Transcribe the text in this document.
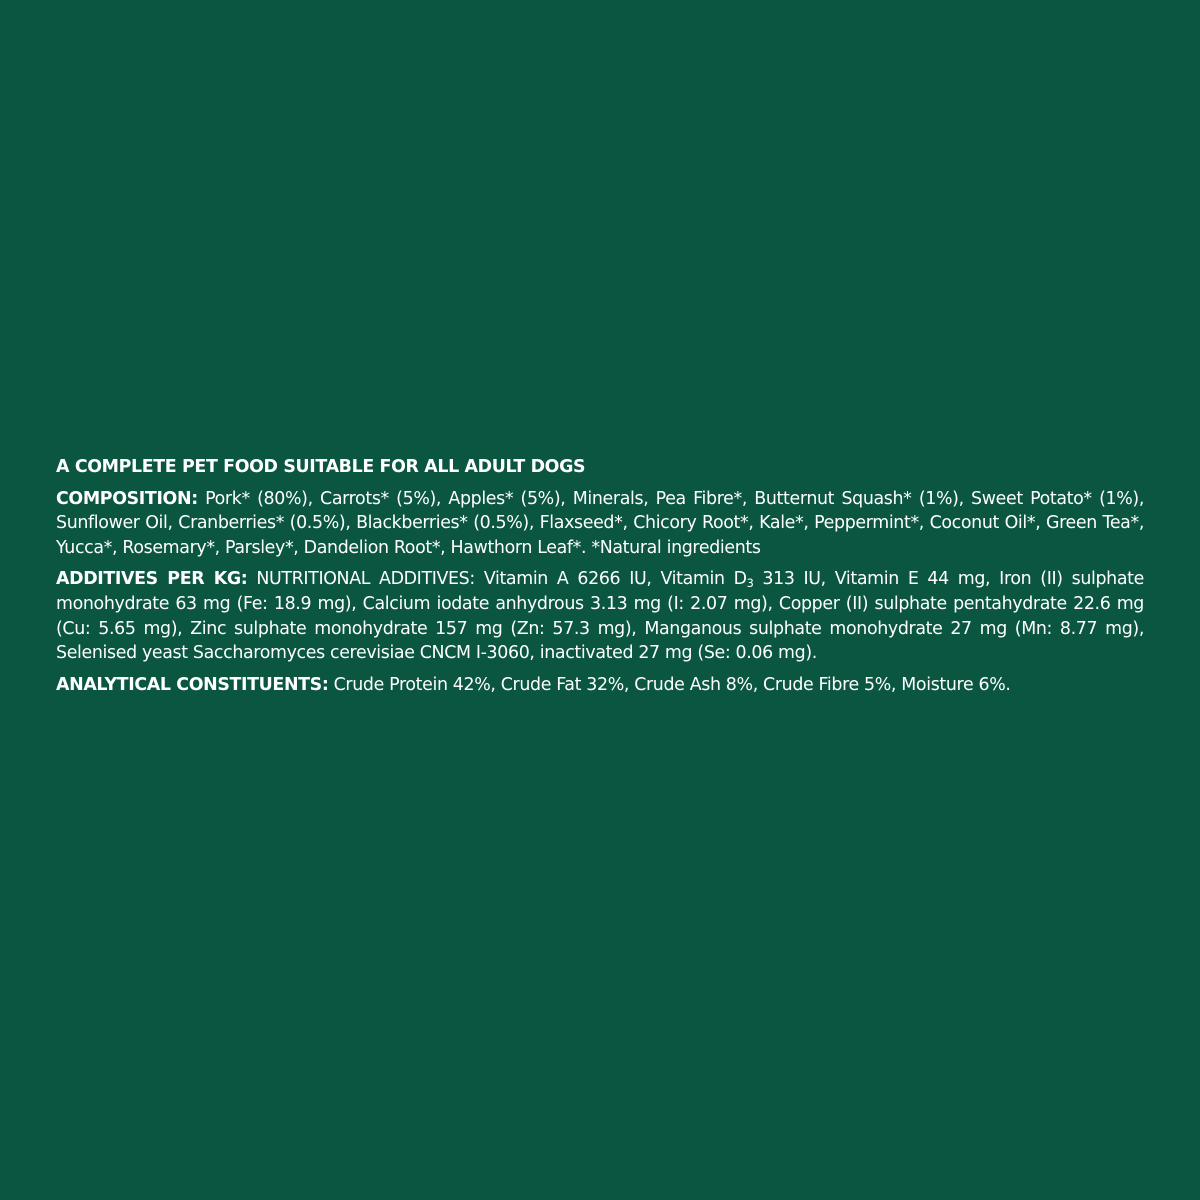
A COMPLETE PET FOOD SUITABLE FOR ALL ADULT DOGS
COMPOSITION: Pork* (80%), Carrots* (5%), Apples* (5%), Minerals, Pea Fibre*, Butternut Squash* (1%), Sweet Potato* (1%), Sunflower Oil, Cranberries* (0.5%), Blackberries* (0.5%), Flaxseed*, Chicory Root*, Kale*, Peppermint*, Coconut Oil*, Green Tea*, Yucca*, Rosemary*, Parsley*, Dandelion Root*, Hawthorn Leaf*. *Natural ingredients
ADDITIVES PER KG: NUTRITIONAL ADDITIVES: Vitamin A 6266 IU, Vitamin $D_3$ 313 IU, Vitamin E 44 mg, Iron (II) sulphate monohydrate 63 mg (Fe: 18.9 mg), Calcium iodate anhydrous 3.13 mg (I: 2.07 mg), Copper (II) sulphate pentahydrate 22.6 mg (Cu: 5.65 mg), Zinc sulphate monohydrate 157 mg (Zn: 57.3 mg), Manganous sulphate monohydrate 27 mg (Mn: 8.77 mg), Selenised yeast Saccharomyces cerevisiae CNCM I-3060, inactivated 27 mg (Se: 0.06 mg).
ANALYTICAL CONSTITUENTS: Crude Protein 42%, Crude Fat 32%, Crude Ash 8%, Crude Fibre 5%, Moisture 6%.
